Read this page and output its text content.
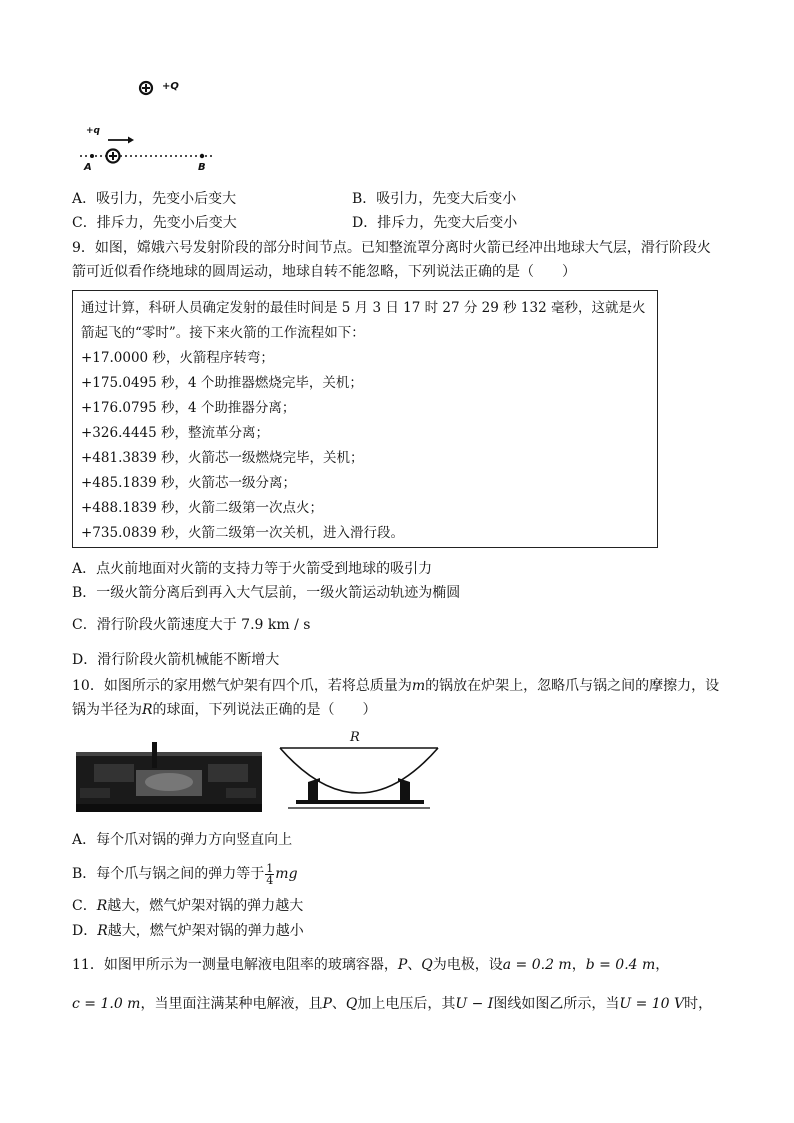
+Q
+q
A	B
A．吸引力，先变小后变大	B．吸引力，先变大后变小
C．排斥力，先变小后变大	D．排斥力，先变大后变小
9．如图，嫦娥六号发射阶段的部分时间节点。已知整流罩分离时火箭已经冲出地球大气层，滑行阶段火
箭可近似看作绕地球的圆周运动，地球自转不能忽略，下列说法正确的是（　　）
通过计算，科研人员确定发射的最佳时间是 5 月 3 日 17 时 27 分 29 秒 132 毫秒，这就是火
箭起飞的“零时”。接下来火箭的工作流程如下：
+17.0000 秒，火箭程序转弯；
+175.0495 秒，4 个助推器燃烧完毕，关机；
+176.0795 秒，4 个助推器分离；
+326.4445 秒，整流革分离；
+481.3839 秒，火箭芯一级燃烧完毕，关机；
+485.1839 秒，火箭芯一级分离；
+488.1839 秒，火箭二级第一次点火；
+735.0839 秒，火箭二级第一次关机，进入滑行段。
A．点火前地面对火箭的支持力等于火箭受到地球的吸引力
B．一级火箭分离后到再入大气层前，一级火箭运动轨迹为椭圆
C．滑行阶段火箭速度大于 7.9 km / s
D．滑行阶段火箭机械能不断增大
10．如图所示的家用燃气炉架有四个爪，若将总质量为m的锅放在炉架上，忽略爪与锅之间的摩擦力，设
锅为半径为R的球面，下列说法正确的是（　　）
R
A．每个爪对锅的弹力方向竖直向上
B．每个爪与锅之间的弹力等于 $\frac{1}{4}$ mg
C．R越大，燃气炉架对锅的弹力越大
D．R越大，燃气炉架对锅的弹力越小
11．如图甲所示为一测量电解液电阻率的玻璃容器，P、Q为电极，设a = 0.2 m，b = 0.4 m，
c = 1.0 m，当里面注满某种电解液，且P、Q加上电压后，其U − I图线如图乙所示，当U = 10 V时，
